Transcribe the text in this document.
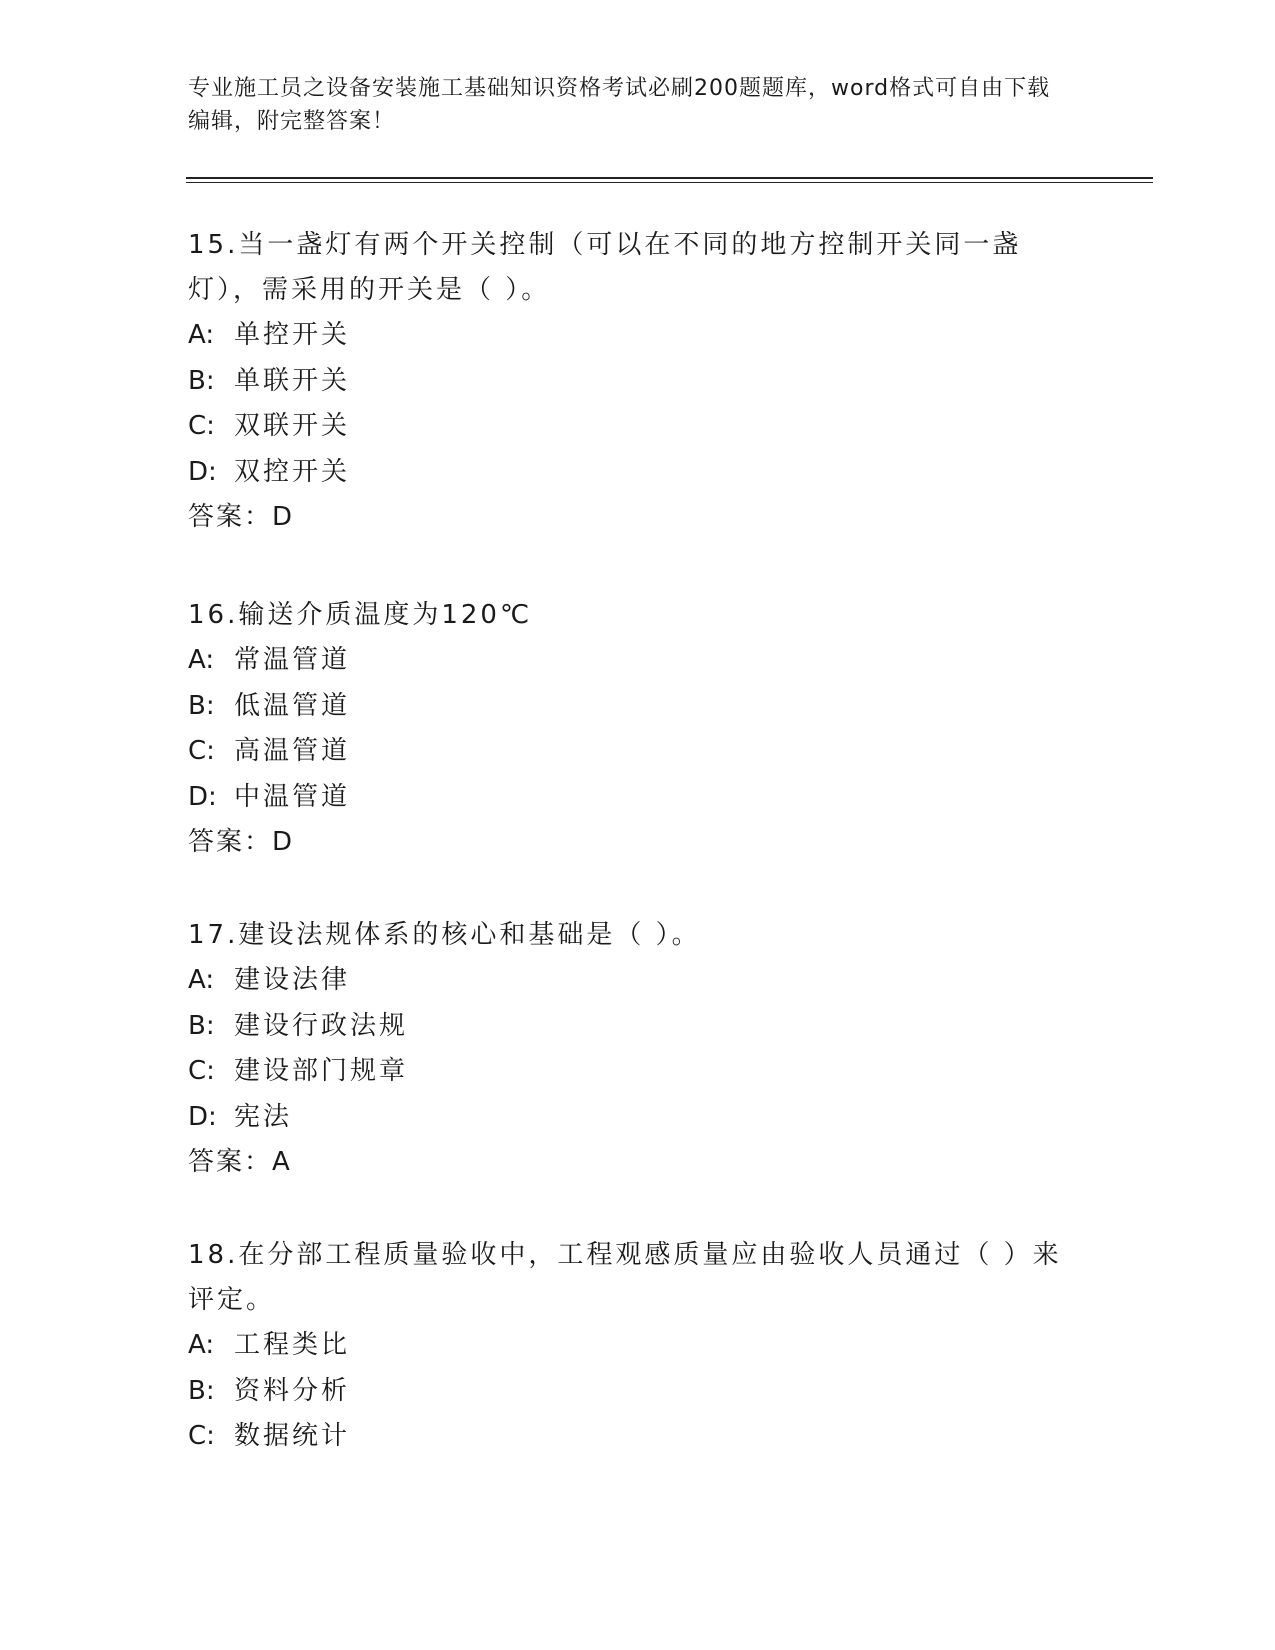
专业施工员之设备安装施工基础知识资格考试必刷200题题库，word格式可自由下载编辑，附完整答案！

15.当一盏灯有两个开关控制（可以在不同的地方控制开关同一盏灯），需采用的开关是（ ）。

A: 单控开关

B: 单联开关

C: 双联开关

D: 双控开关

答案：D

16.输送介质温度为120℃

A: 常温管道

B: 低温管道

C: 高温管道

D: 中温管道

答案：D

17.建设法规体系的核心和基础是（ ）。

A: 建设法律

B: 建设行政法规

C: 建设部门规章

D: 宪法

答案：A

18.在分部工程质量验收中，工程观感质量应由验收人员通过（ ）来评定。

A: 工程类比

B: 资料分析

C: 数据统计
